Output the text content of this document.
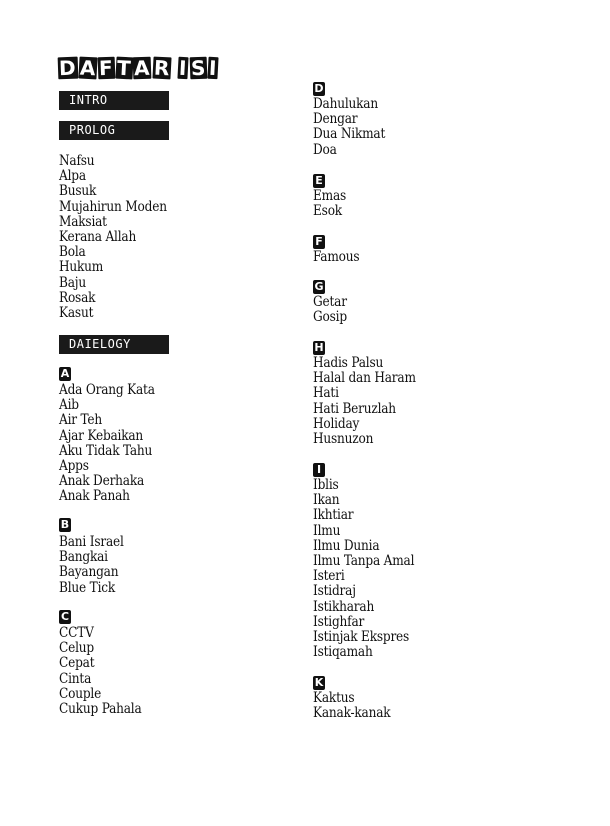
DAFTAR ISI
INTRO
PROLOG
Nafsu
Alpa
Busuk
Mujahirun Moden
Maksiat
Kerana Allah
Bola
Hukum
Baju
Rosak
Kasut
DAIELOGY
A
Ada Orang Kata
Aib
Air Teh
Ajar Kebaikan
Aku Tidak Tahu
Apps
Anak Derhaka
Anak Panah
B
Bani Israel
Bangkai
Bayangan
Blue Tick
C
CCTV
Celup
Cepat
Cinta
Couple
Cukup Pahala
D
Dahulukan
Dengar
Dua Nikmat
Doa
E
Emas
Esok
F
Famous
G
Getar
Gosip
H
Hadis Palsu
Halal dan Haram
Hati
Hati Beruzlah
Holiday
Husnuzon
I
Iblis
Ikan
Ikhtiar
Ilmu
Ilmu Dunia
Ilmu Tanpa Amal
Isteri
Istidraj
Istikharah
Istighfar
Istinjak Ekspres
Istiqamah
K
Kaktus
Kanak-kanak
